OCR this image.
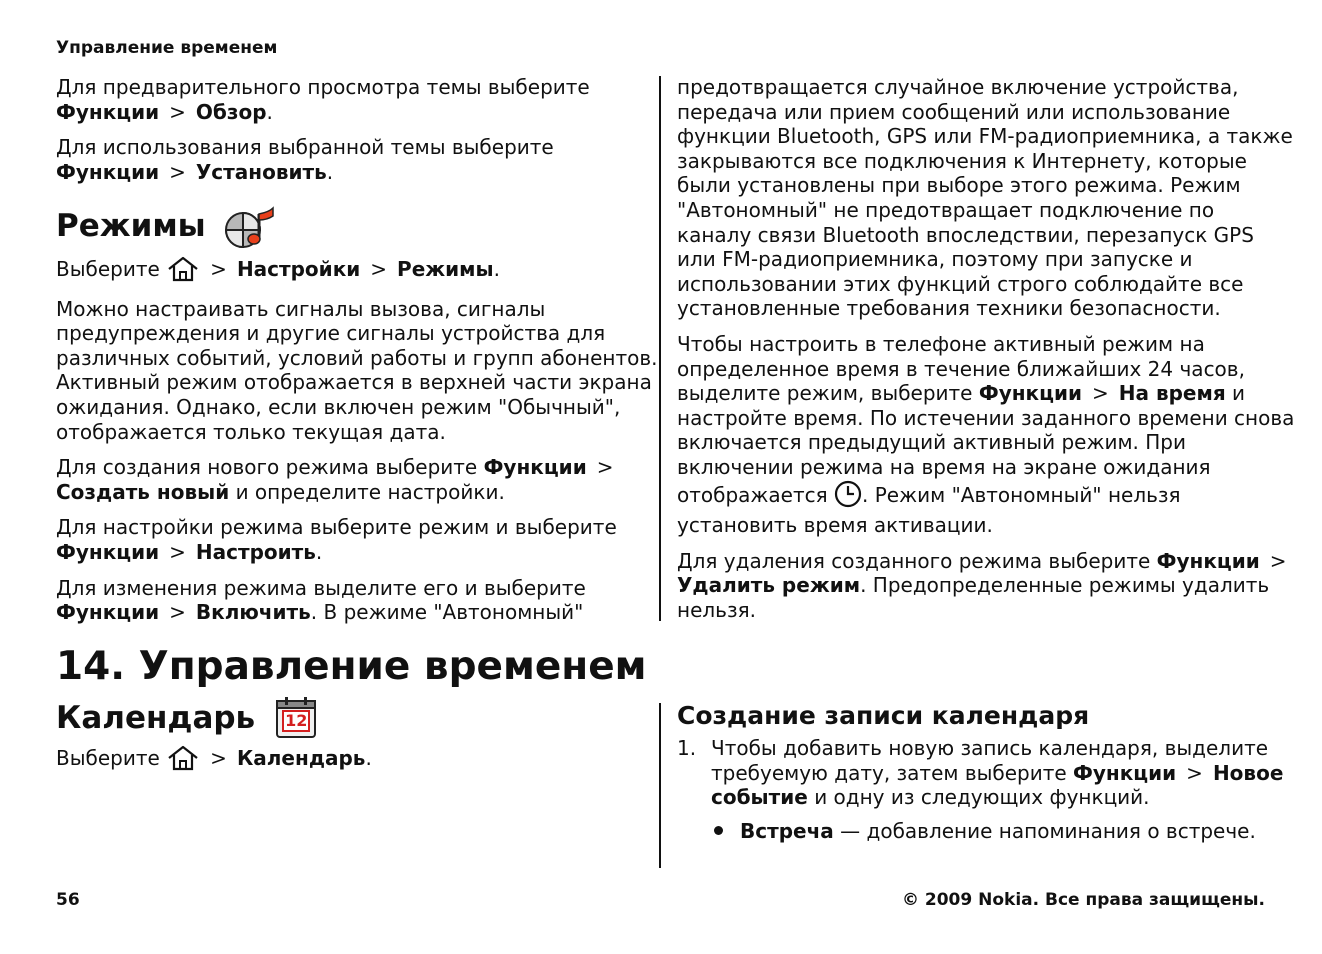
Управление временем

Для предварительного просмотра темы выберите
Функции > Обзор.

Для использования выбранной темы выберите
Функции > Установить.

Режимы

Выберите	> Настройки > Режимы.

Можно настраивать сигналы вызова, сигналы
предупреждения и другие сигналы устройства для
различных событий, условий работы и групп абонентов.
Активный режим отображается в верхней части экрана
ожидания. Однако, если включен режим "Обычный",
отображается только текущая дата.

Для создания нового режима выберите Функции >
Создать новый и определите настройки.

Для настройки режима выберите режим и выберите
Функции > Настроить.

Для изменения режима выделите его и выберите
Функции > Включить. В режиме "Автономный"

предотвращается случайное включение устройства,
передача или прием сообщений или использование
функции Bluetooth, GPS или FM-радиоприемника, а также
закрываются все подключения к Интернету, которые
были установлены при выборе этого режима. Режим
"Автономный" не предотвращает подключение по
каналу связи Bluetooth впоследствии, перезапуск GPS
или FM-радиоприемника, поэтому при запуске и
использовании этих функций строго соблюдайте все
установленные требования техники безопасности.

Чтобы настроить в телефоне активный режим на
определенное время в течение ближайших 24 часов,
выделите режим, выберите Функции > На время и
настройте время. По истечении заданного времени снова
включается предыдущий активный режим. При
включении режима на время на экране ожидания
отображается . Режим "Автономный" нельзя
установить время активации.

Для удаления созданного режима выберите Функции >
Удалить режим. Предопределенные режимы удалить
нельзя.

14. Управление временем
Календарь	12

Выберите	> Календарь.

Создание записи календаря
1. Чтобы добавить новую запись календаря, выделите
требуемую дату, затем выберите Функции > Новое
событие и одну из следующих функций.

Встреча — добавление напоминания о встрече.

56	© 2009 Nokia. Все права защищены.
